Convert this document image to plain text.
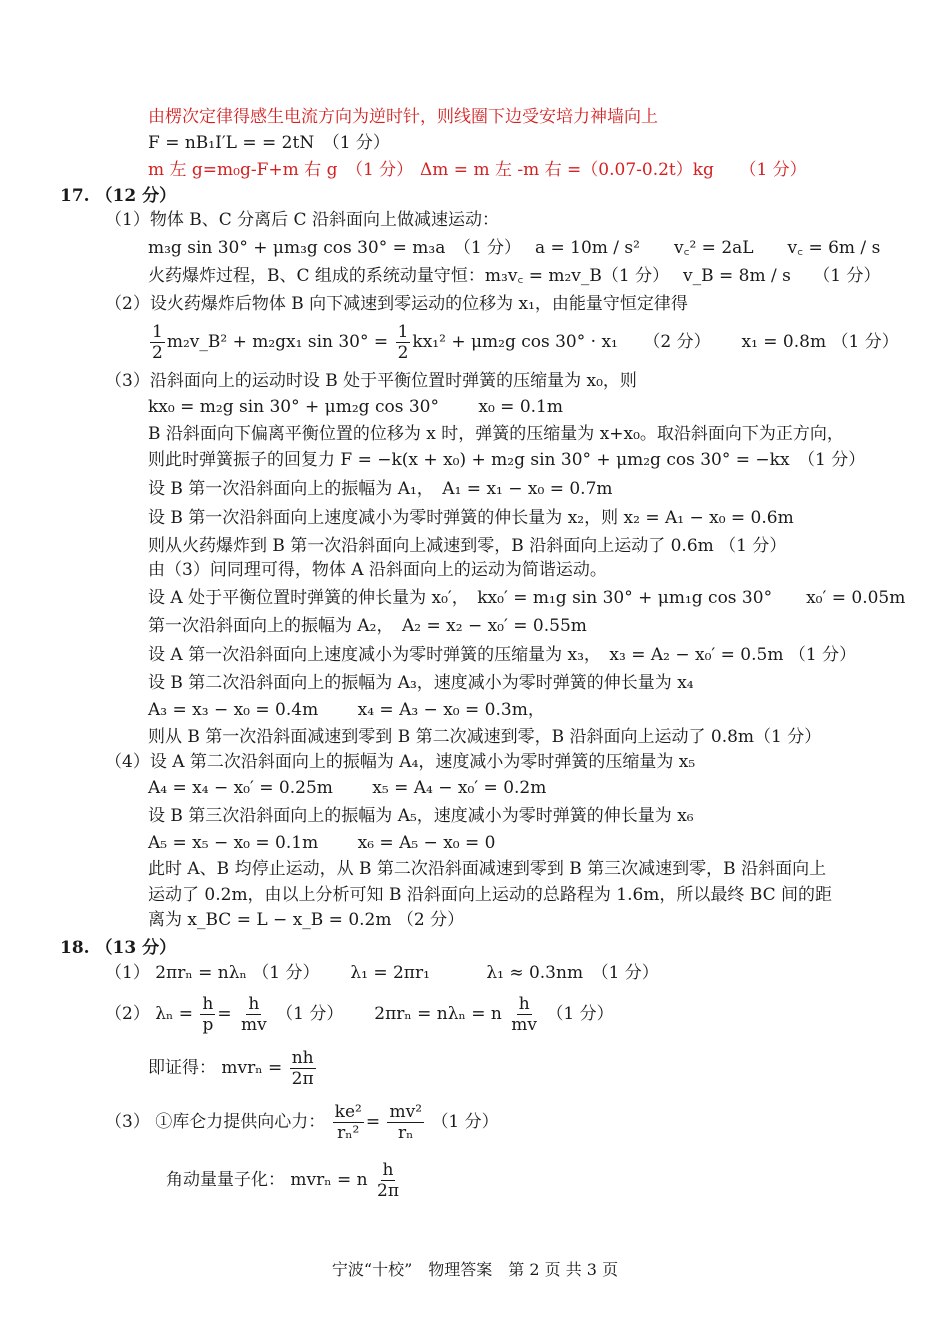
由楞次定律得感生电流方向为逆时针，则线圈下边受安培力神墙向上
F = nB₁I′L = = 2tN　（1 分）
m 左 g=m₀g-F+m 右 g　（1 分） Δm = m 左 -m 右 =（0.07-0.2t）kg　　（1 分）
17. （12 分）
（1）物体 B、C 分离后 C 沿斜面向上做减速运动：
m₃g sin 30° + μm₃g cos 30° = m₃a　（1 分）　 a = 10m / s²　　v꜀² = 2aL　　v꜀ = 6m / s
火药爆炸过程，B、C 组成的系统动量守恒：m₃v꜀ = m₂v_B（1 分）　 v_B = 8m / s　 （1 分）
（2）设火药爆炸后物体 B 向下减速到零运动的位移为 x₁，由能量守恒定律得
$\frac{1}{2}$ m₂v_B² + m₂gx₁ $\sin 30^\circ = \frac{1}{2} kx_1^2 + \mu m_2g$ cos 30° · x₁　　（2 分）　　 x₁ = 0.8m （1 分）
（3）沿斜面向上的运动时设 B 处于平衡位置时弹簧的压缩量为 x₀，则
kx₀ = m₂g sin 30° + μm₂g cos 30°　　 x₀ = 0.1m
B 沿斜面向下偏离平衡位置的位移为 x 时，弹簧的压缩量为 x+x₀。取沿斜面向下为正方向，
则此时弹簧振子的回复力 F = −k(x + x₀) + m₂g sin 30° + μm₂g cos 30° = −kx　（1 分）
设 B 第一次沿斜面向上的振幅为 A₁，　A₁ = x₁ − x₀ = 0.7m
设 B 第一次沿斜面向上速度减小为零时弹簧的伸长量为 x₂，则 x₂ = A₁ − x₀ = 0.6m
则从火药爆炸到 B 第一次沿斜面向上减速到零，B 沿斜面向上运动了 0.6m （1 分）
由（3）问同理可得，物体 A 沿斜面向上的运动为简谐运动。
设 A 处于平衡位置时弹簧的伸长量为 x₀′，　kx₀′ = m₁g sin 30° + μm₁g cos 30°　　x₀′ = 0.05m
第一次沿斜面向上的振幅为 A₂，　A₂ = x₂ − x₀′ = 0.55m
设 A 第一次沿斜面向上速度减小为零时弹簧的压缩量为 x₃，　x₃ = A₂ − x₀′ = 0.5m （1 分）
设 B 第二次沿斜面向上的振幅为 A₃，速度减小为零时弹簧的伸长量为 x₄
A₃ = x₃ − x₀ = 0.4m　　 x₄ = A₃ − x₀ = 0.3m，
则从 B 第一次沿斜面减速到零到 B 第二次减速到零，B 沿斜面向上运动了 0.8m（1 分）
（4）设 A 第二次沿斜面向上的振幅为 A₄，速度减小为零时弹簧的压缩量为 x₅
A₄ = x₄ − x₀′ = 0.25m　　 x₅ = A₄ − x₀′ = 0.2m
设 B 第三次沿斜面向上的振幅为 A₅，速度减小为零时弹簧的伸长量为 x₆
A₅ = x₅ − x₀ = 0.1m　　 x₆ = A₅ − x₀ = 0
此时 A、B 均停止运动，从 B 第二次沿斜面减速到零到 B 第三次减速到零，B 沿斜面向上
运动了 0.2m，由以上分析可知 B 沿斜面向上运动的总路程为 1.6m，所以最终 BC 间的距
离为 x_BC = L − x_B = 0.2m （2 分）
18. （13 分）
（1） 2πrₙ = nλₙ （1 分）　　 λ₁ = 2πr₁　　　 λ₁ ≈ 0.3nm　（1 分）
（2） $\lambda_n = \frac{h}{p} = \frac{h}{mv} (1$ 分）　　 2πrₙ = nλₙ = n $\frac{h}{mv} (1$ 分）
即证得： $mvr_n = \frac{nh}{2\pi}$
（3） ①库仑力提供向心力： $\frac{\text{ke²}}{\text{rₙ²}} = \frac{\text{mv²}}{\text{rₙ}} (1$ 分）
角动量量子化： mvrₙ = n $\frac{h}{2\pi}$
宁波“十校”　物理答案　第 2 页 共 3 页
